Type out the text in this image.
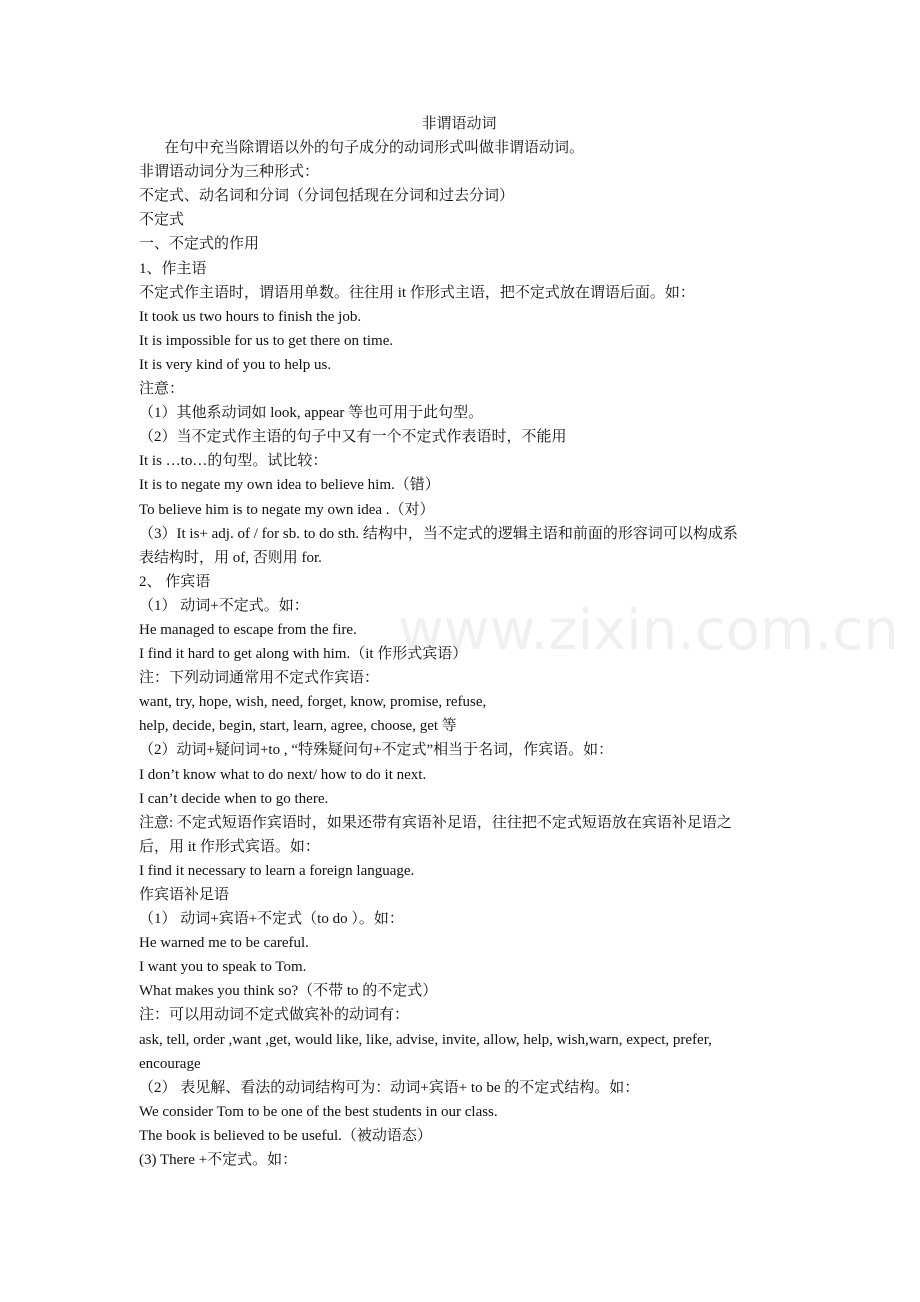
www.zixin.com.cn
非谓语动词
在句中充当除谓语以外的句子成分的动词形式叫做非谓语动词。
非谓语动词分为三种形式：
不定式、动名词和分词（分词包括现在分词和过去分词）
不定式
一、不定式的作用
1、作主语
不定式作主语时，谓语用单数。往往用 it 作形式主语，把不定式放在谓语后面。如：
It took us two hours to finish the job.
It is impossible for us to get there on time.
It is very kind of you to help us.
注意：
（1）其他系动词如 look, appear 等也可用于此句型。
（2）当不定式作主语的句子中又有一个不定式作表语时，不能用
It is …to…的句型。试比较：
It is to negate my own idea to believe him.（错）
To believe him is to negate my own idea .（对）
（3）It is+ adj. of / for sb. to do sth. 结构中，当不定式的逻辑主语和前面的形容词可以构成系
表结构时，用 of, 否则用 for.
2、 作宾语
（1） 动词+不定式。如：
He managed to escape from the fire.
I find it hard to get along with him.（it 作形式宾语）
注：下列动词通常用不定式作宾语：
want, try, hope, wish, need, forget, know, promise, refuse,
help, decide, begin, start, learn, agree, choose, get 等
（2）动词+疑问词+to , “特殊疑问句+不定式”相当于名词，作宾语。如：
I don’t know what to do next/ how to do it next.
I can’t decide when to go there.
注意: 不定式短语作宾语时，如果还带有宾语补足语，往往把不定式短语放在宾语补足语之
后，用 it 作形式宾语。如：
I find it necessary to learn a foreign language.
作宾语补足语
（1） 动词+宾语+不定式（to do ）。如：
He warned me to be careful.
I want you to speak to Tom.
What makes you think so?（不带 to 的不定式）
注：可以用动词不定式做宾补的动词有：
ask, tell, order ,want ,get, would like, like, advise, invite, allow, help, wish,warn, expect, prefer,
encourage
（2） 表见解、看法的动词结构可为：动词+宾语+ to be 的不定式结构。如：
We consider Tom to be one of the best students in our class.
The book is believed to be useful.（被动语态）
(3) There +不定式。如：
